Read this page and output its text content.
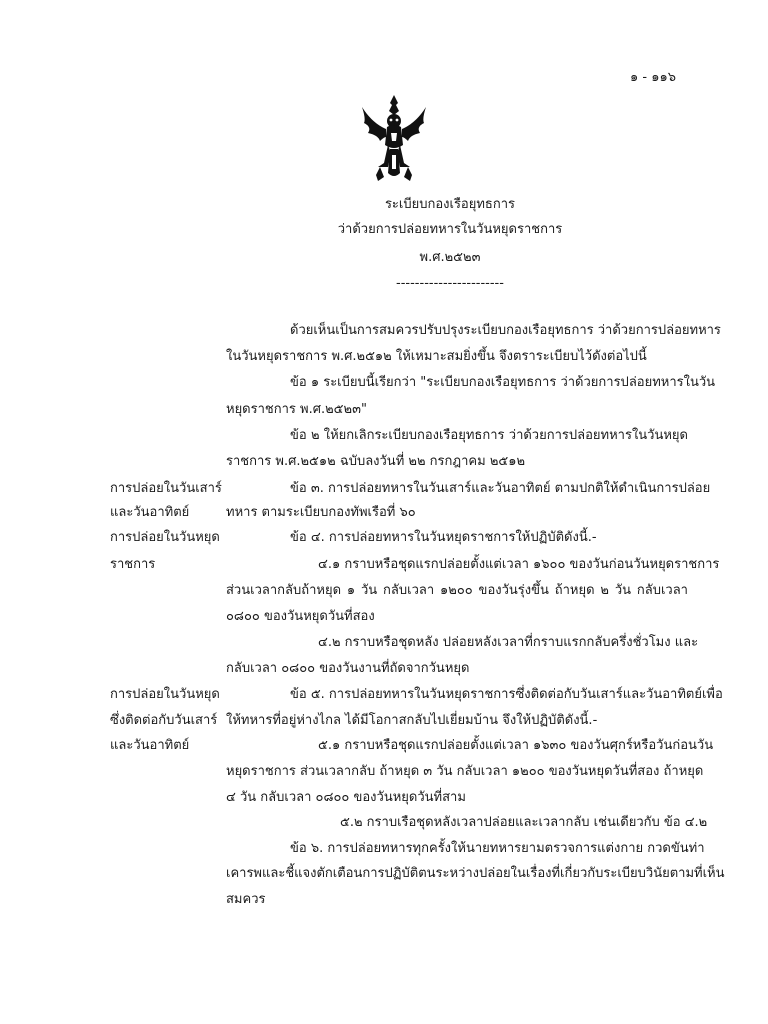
๑ - ๑๑๖
ระเบียบกองเรือยุทธการ
ว่าด้วยการปล่อยทหารในวันหยุดราชการ
พ.ศ.๒๕๒๓
-----------------------
ด้วยเห็นเป็นการสมควรปรับปรุงระเบียบกองเรือยุทธการ ว่าด้วยการปล่อยทหาร
ในวันหยุดราชการ พ.ศ.๒๕๑๒ ให้เหมาะสมยิ่งขึ้น จึงตราระเบียบไว้ดังต่อไปนี้
ข้อ ๑ ระเบียบนี้เรียกว่า "ระเบียบกองเรือยุทธการ ว่าด้วยการปล่อยทหารในวัน
หยุดราชการ พ.ศ.๒๕๒๓"
ข้อ ๒ ให้ยกเลิกระเบียบกองเรือยุทธการ ว่าด้วยการปล่อยทหารในวันหยุด
ราชการ พ.ศ.๒๕๑๒ ฉบับลงวันที่ ๒๒ กรกฎาคม ๒๕๑๒
การปล่อยในวันเสาร์	ข้อ ๓. การปล่อยทหารในวันเสาร์และวันอาทิตย์ ตามปกติให้ดำเนินการปล่อย
และวันอาทิตย์	ทหาร ตามระเบียบกองทัพเรือที่ ๖๐
การปล่อยในวันหยุด	ข้อ ๔. การปล่อยทหารในวันหยุดราชการให้ปฏิบัติดังนี้.-
ราชการ	๔.๑ กราบหรือชุดแรกปล่อยตั้งแต่เวลา ๑๖๐๐ ของวันก่อนวันหยุดราชการ
ส่วนเวลากลับถ้าหยุด ๑ วัน กลับเวลา ๑๒๐๐ ของวันรุ่งขึ้น ถ้าหยุด ๒ วัน กลับเวลา
๐๘๐๐ ของวันหยุดวันที่สอง
๔.๒ กราบหรือชุดหลัง ปล่อยหลังเวลาที่กราบแรกกลับครึ่งชั่วโมง และ
กลับเวลา ๐๘๐๐ ของวันงานที่ถัดจากวันหยุด
การปล่อยในวันหยุด	ข้อ ๕. การปล่อยทหารในวันหยุดราชการซึ่งติดต่อกับวันเสาร์และวันอาทิตย์เพื่อ
ซึ่งติดต่อกับวันเสาร์ ให้ทหารที่อยู่ห่างไกล ได้มีโอกาสกลับไปเยี่ยมบ้าน จึงให้ปฏิบัติดังนี้.-
และวันอาทิตย์	๕.๑ กราบหรือชุดแรกปล่อยตั้งแต่เวลา ๑๖๓๐ ของวันศุกร์หรือวันก่อนวัน
หยุดราชการ ส่วนเวลากลับ ถ้าหยุด ๓ วัน กลับเวลา ๑๒๐๐ ของวันหยุดวันที่สอง ถ้าหยุด
๔ วัน กลับเวลา ๐๘๐๐ ของวันหยุดวันที่สาม
๕.๒ กราบเรือชุดหลังเวลาปล่อยและเวลากลับ เช่นเดียวกับ ข้อ ๔.๒
ข้อ ๖. การปล่อยทหารทุกครั้งให้นายทหารยามตรวจการแต่งกาย กวดขันท่า
เคารพและชี้แจงตักเตือนการปฏิบัติตนระหว่างปล่อยในเรื่องที่เกี่ยวกับระเบียบวินัยตามที่เห็น
สมควร
